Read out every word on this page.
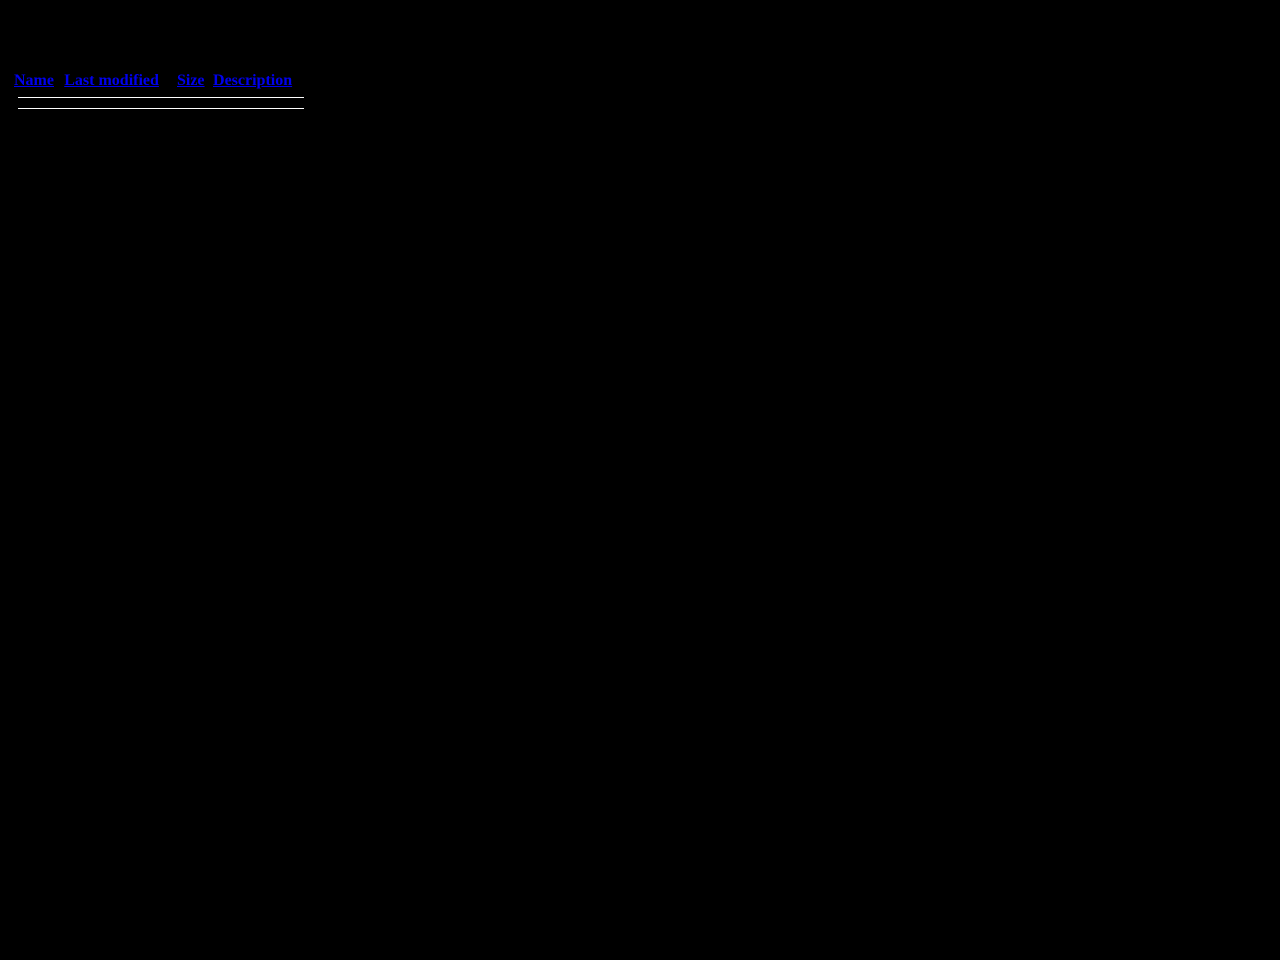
Index of /
Name	Last modified	Size	Description
